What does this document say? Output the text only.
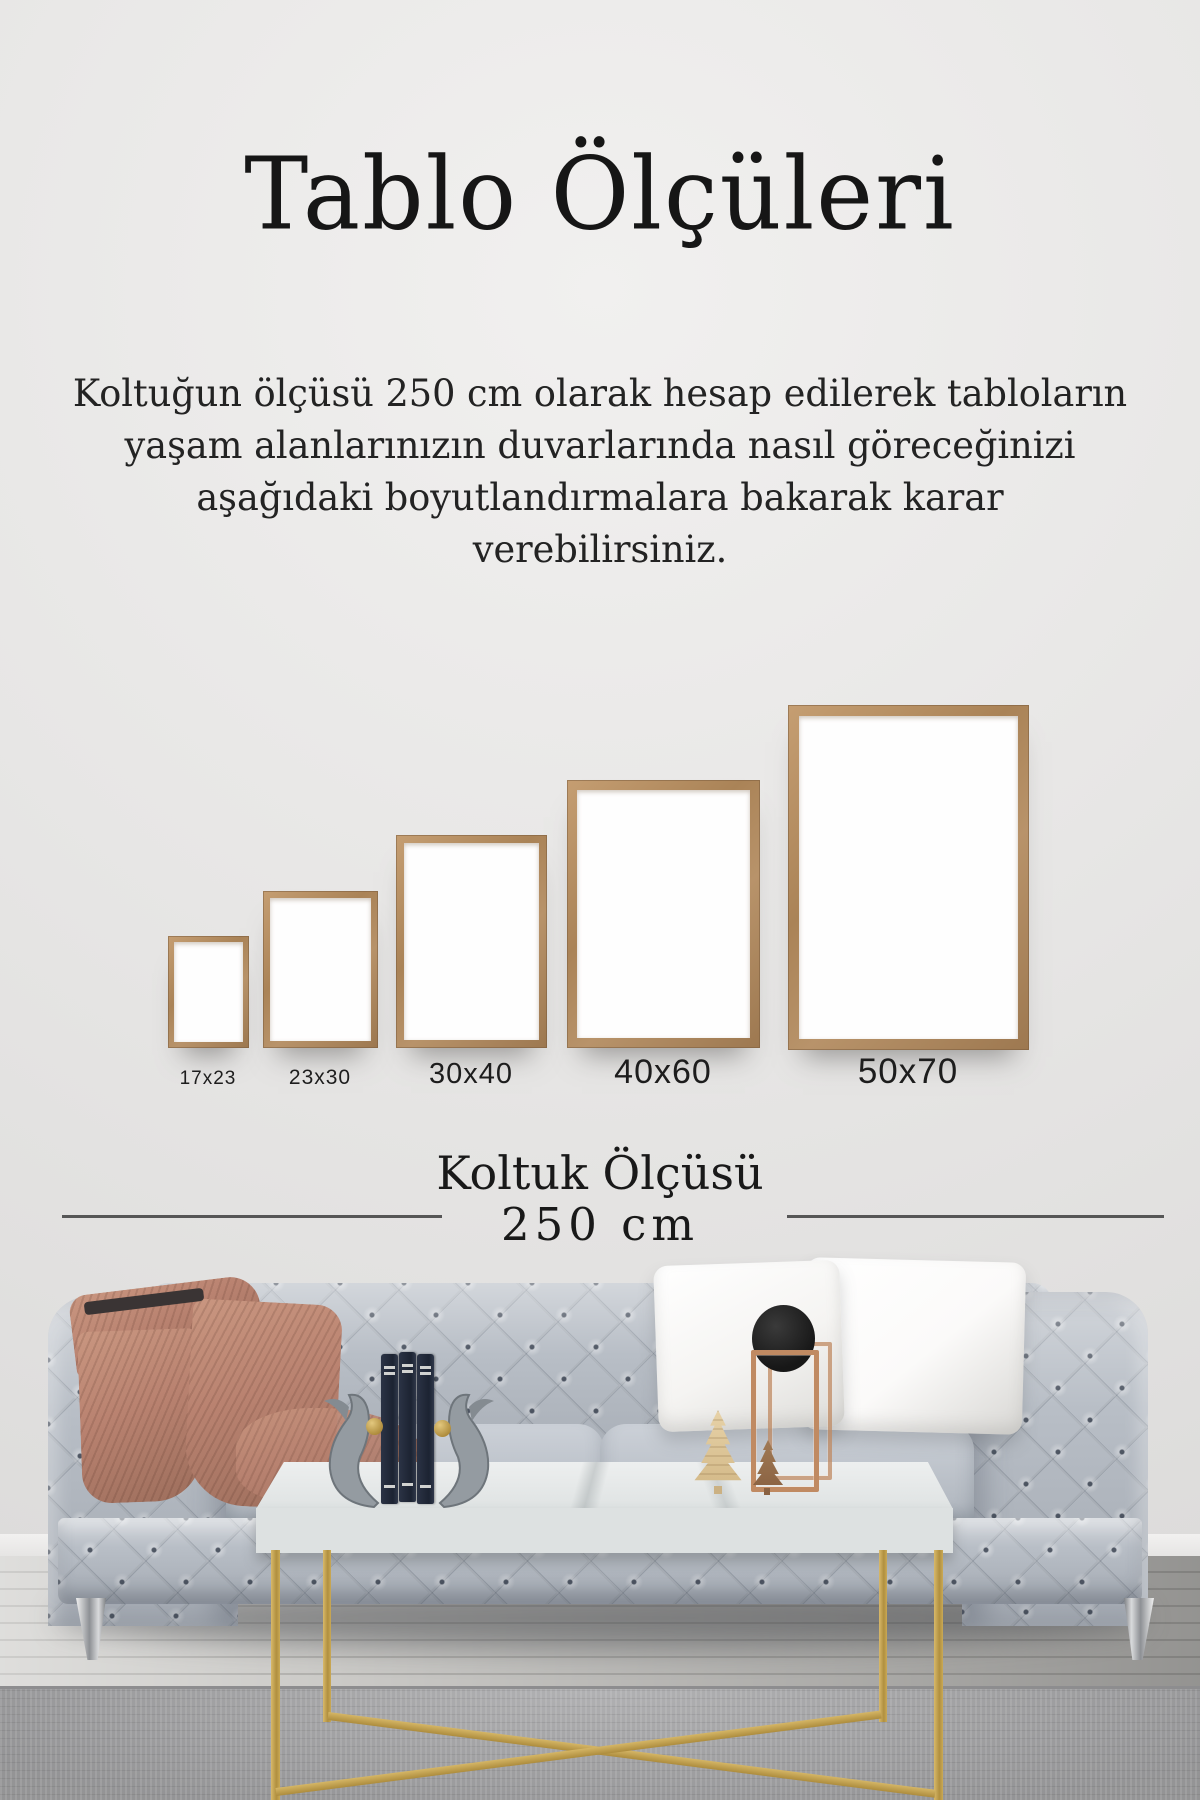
Tablo Ölçüleri
Koltuğun ölçüsü 250 cm olarak hesap edilerek tabloların
yaşam alanlarınızın duvarlarında nasıl göreceğinizi
aşağıdaki boyutlandırmalara bakarak karar verebilirsiniz.
17x23	23x30	30x40	40x60	50x70
Koltuk Ölçüsü
250 cm
